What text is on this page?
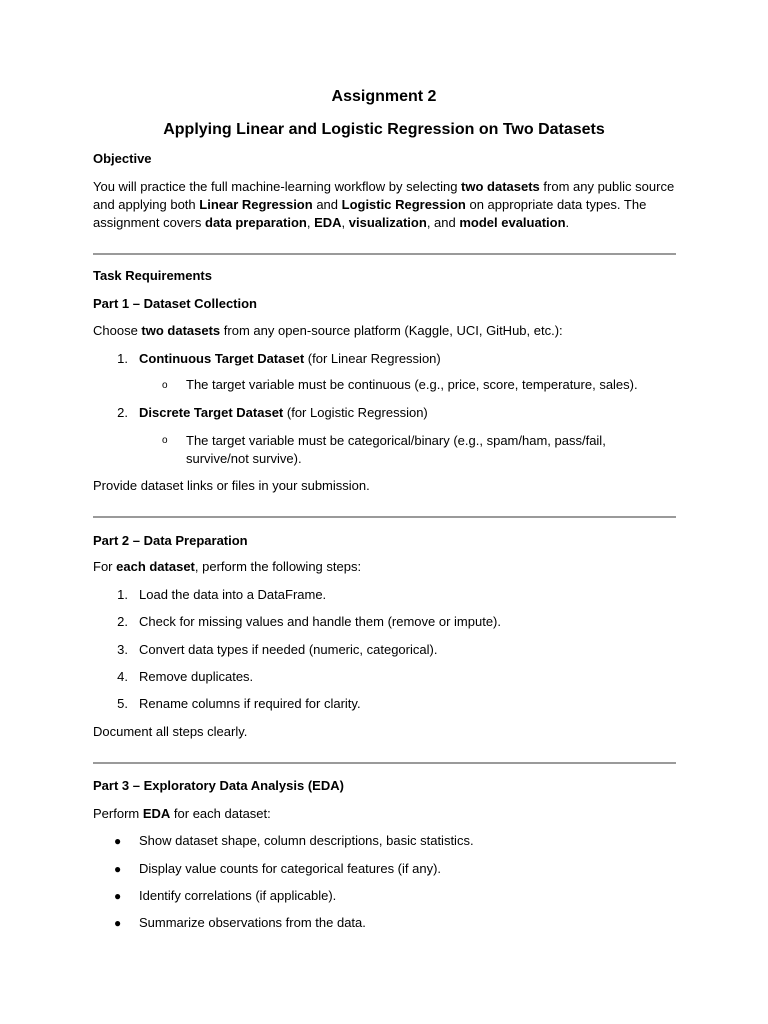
Assignment 2
Applying Linear and Logistic Regression on Two Datasets
Objective

You will practice the full machine-learning workflow by selecting two datasets from any public source and applying both Linear Regression and Logistic Regression on appropriate data types. The assignment covers data preparation, EDA, visualization, and model evaluation.

Task Requirements
Part 1 – Dataset Collection
Choose two datasets from any open-source platform (Kaggle, UCI, GitHub, etc.):
1. Continuous Target Dataset (for Linear Regression)
o The target variable must be continuous (e.g., price, score, temperature, sales).
2. Discrete Target Dataset (for Logistic Regression)
o The target variable must be categorical/binary (e.g., spam/ham, pass/fail, survive/not survive).
Provide dataset links or files in your submission.
Part 2 – Data Preparation
For each dataset, perform the following steps:
1. Load the data into a DataFrame.
2. Check for missing values and handle them (remove or impute).
3. Convert data types if needed (numeric, categorical).
4. Remove duplicates.
5. Rename columns if required for clarity.
Document all steps clearly.
Part 3 – Exploratory Data Analysis (EDA)
Perform EDA for each dataset:
● Show dataset shape, column descriptions, basic statistics.
● Display value counts for categorical features (if any).
● Identify correlations (if applicable).
● Summarize observations from the data.
